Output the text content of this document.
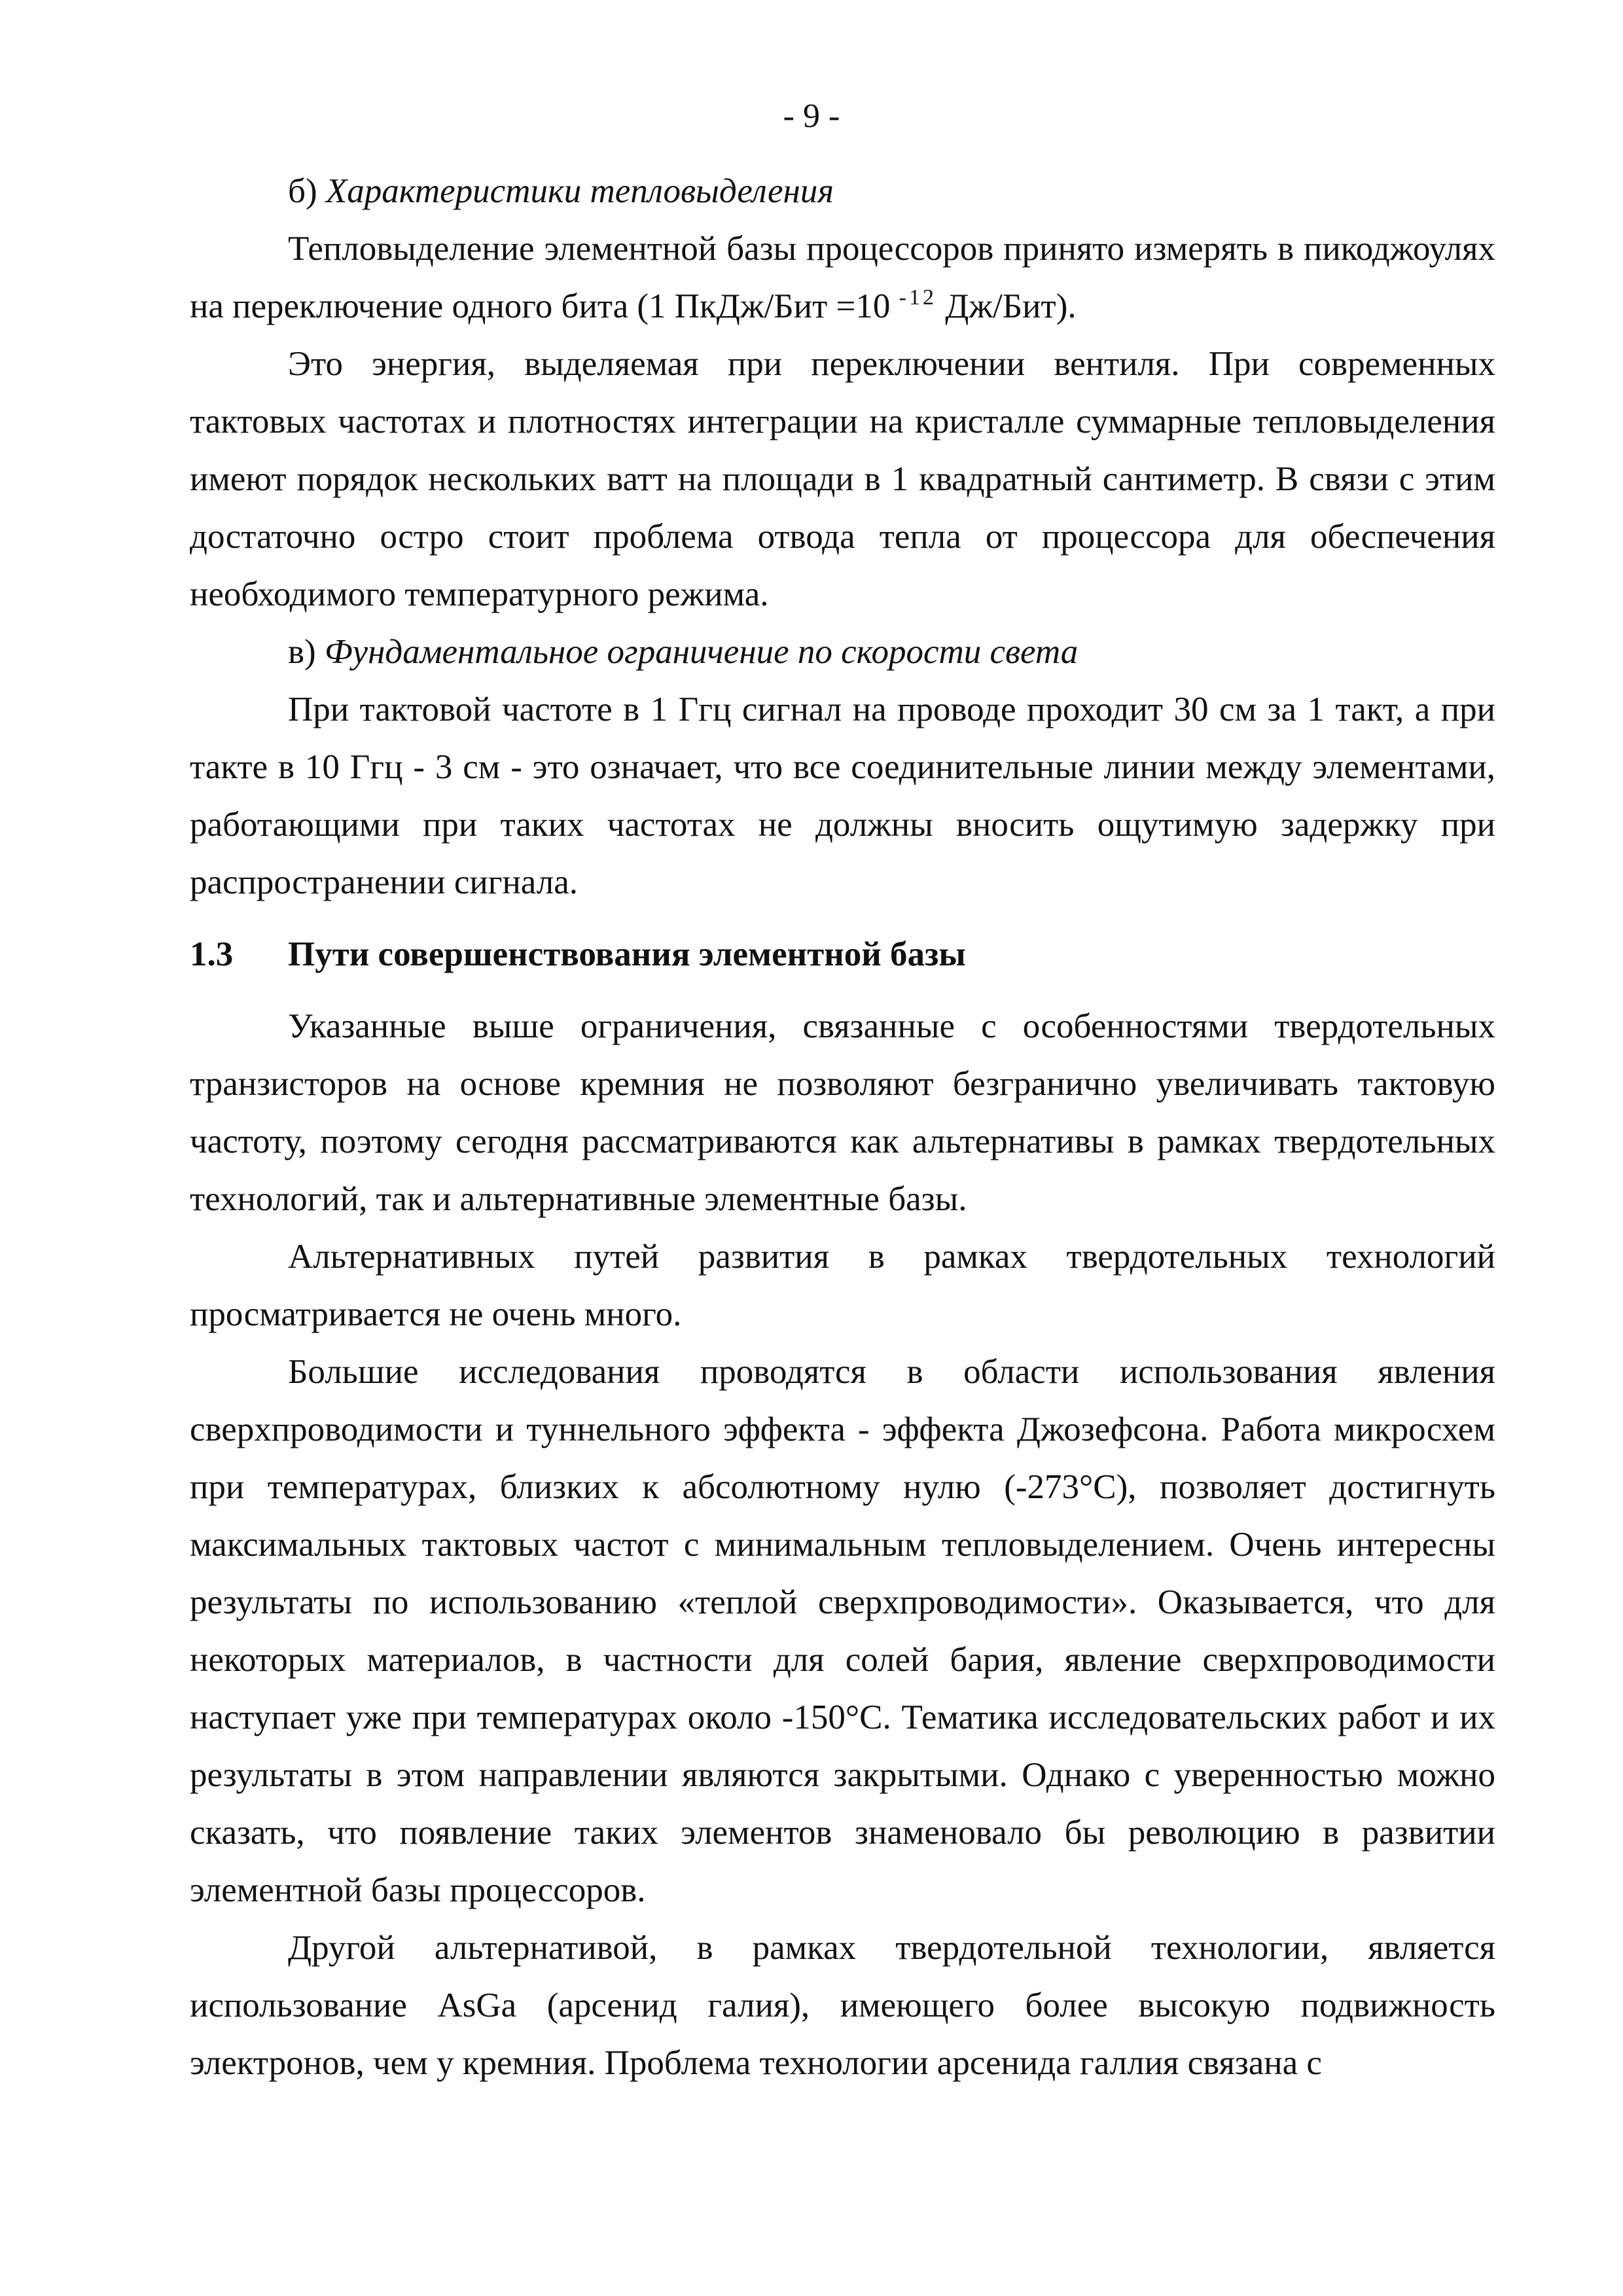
- 9 -

б) Характеристики тепловыделения

Тепловыделение элементной базы процессоров принято измерять в пикоджоулях на переключение одного бита (1 ПкДж/Бит =10 $^{-12}$ Дж/Бит).

Это энергия, выделяемая при переключении вентиля. При современных тактовых частотах и плотностях интеграции на кристалле суммарные тепловыделения имеют порядок нескольких ватт на площади в 1 квадратный сантиметр. В связи с этим достаточно остро стоит проблема отвода тепла от процессора для обеспечения необходимого температурного режима.

в) Фундаментальное ограничение по скорости света

При тактовой частоте в 1 Ггц сигнал на проводе проходит 30 см за 1 такт, а при такте в 10 Ггц - 3 см - это означает, что все соединительные линии между элементами, работающими при таких частотах не должны вносить ощутимую задержку при распространении сигнала.

1.3	Пути совершенствования элементной базы

Указанные выше ограничения, связанные с особенностями твердотельных транзисторов на основе кремния не позволяют безгранично увеличивать тактовую частоту, поэтому сегодня рассматриваются как альтернативы в рамках твердотельных технологий, так и альтернативные элементные базы.

Альтернативных путей развития в рамках твердотельных технологий просматривается не очень много.

Большие исследования проводятся в области использования явления сверхпроводимости и туннельного эффекта - эффекта Джозефсона. Работа микросхем при температурах, близких к абсолютному нулю (-273°С), позволяет достигнуть максимальных тактовых частот с минимальным тепловыделением. Очень интересны результаты по использованию «теплой сверхпроводимости». Оказывается, что для некоторых материалов, в частности для солей бария, явление сверхпроводимости наступает уже при температурах около -150°С. Тематика исследовательских работ и их результаты в этом направлении являются закрытыми. Однако с уверенностью можно сказать, что появление таких элементов знаменовало бы революцию в развитии элементной базы процессоров.

Другой альтернативой, в рамках твердотельной технологии, является использование AsGa (арсенид галия), имеющего более высокую подвижность электронов, чем у кремния. Проблема технологии арсенида галлия связана с
